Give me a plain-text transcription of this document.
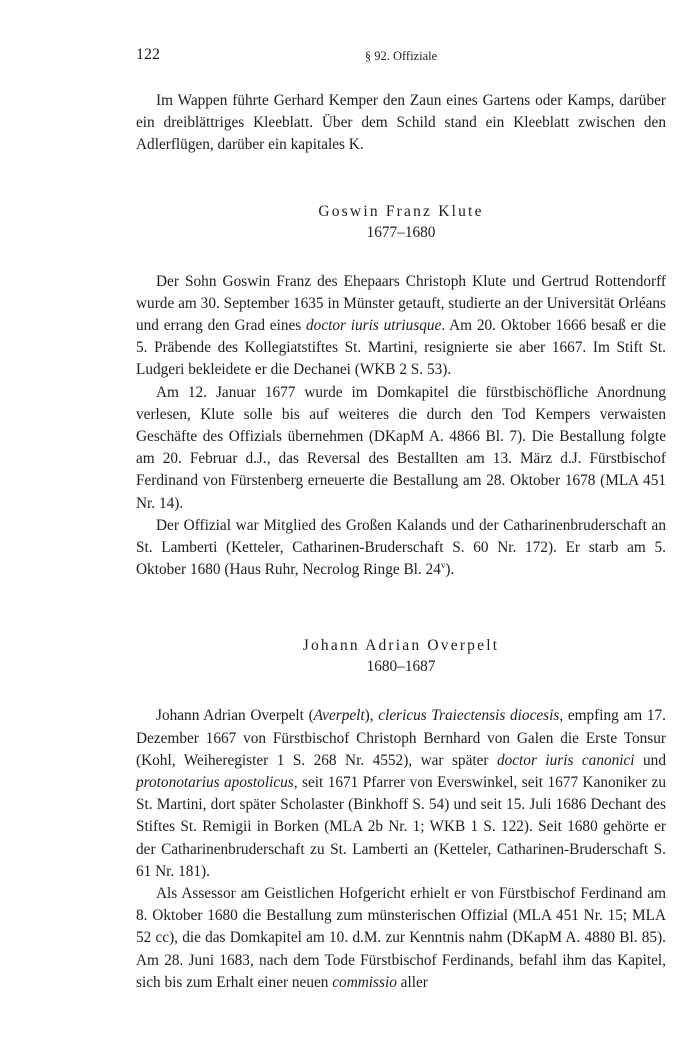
122	§ 92. Offiziale

Im Wappen führte Gerhard Kemper den Zaun eines Gartens oder Kamps, darüber ein dreiblättriges Kleeblatt. Über dem Schild stand ein Kleeblatt zwischen den Adlerflügen, darüber ein kapitales K.

Goswin Franz Klute
1677–1680

Der Sohn Goswin Franz des Ehepaars Christoph Klute und Gertrud Rottendorff wurde am 30. September 1635 in Münster getauft, studierte an der Universität Orléans und errang den Grad eines doctor iuris utriusque. Am 20. Oktober 1666 besaß er die 5. Präbende des Kollegiatstiftes St. Martini, resignierte sie aber 1667. Im Stift St. Ludgeri bekleidete er die Dechanei (WKB 2 S. 53).

Am 12. Januar 1677 wurde im Domkapitel die fürstbischöfliche Anordnung verlesen, Klute solle bis auf weiteres die durch den Tod Kempers verwaisten Geschäfte des Offizials übernehmen (DKapM A. 4866 Bl. 7). Die Bestallung folgte am 20. Februar d.J., das Reversal des Bestallten am 13. März d.J. Fürstbischof Ferdinand von Fürstenberg erneuerte die Bestallung am 28. Oktober 1678 (MLA 451 Nr. 14).

Der Offizial war Mitglied des Großen Kalands und der Catharinenbruderschaft an St. Lamberti (Ketteler, Catharinen-Bruderschaft S. 60 Nr. 172). Er starb am 5. Oktober 1680 (Haus Ruhr, Necrolog Ringe Bl. 24$^v$).

Johann Adrian Overpelt
1680–1687

Johann Adrian Overpelt (Averpelt), clericus Traiectensis diocesis, empfing am 17. Dezember 1667 von Fürstbischof Christoph Bernhard von Galen die Erste Tonsur (Kohl, Weiheregister 1 S. 268 Nr. 4552), war später doctor iuris canonici und protonotarius apostolicus, seit 1671 Pfarrer von Everswinkel, seit 1677 Kanoniker zu St. Martini, dort später Scholaster (Binkhoff S. 54) und seit 15. Juli 1686 Dechant des Stiftes St. Remigii in Borken (MLA 2b Nr. 1; WKB 1 S. 122). Seit 1680 gehörte er der Catharinenbruderschaft zu St. Lamberti an (Ketteler, Catharinen-Bruderschaft S. 61 Nr. 181).

Als Assessor am Geistlichen Hofgericht erhielt er von Fürstbischof Ferdinand am 8. Oktober 1680 die Bestallung zum münsterischen Offizial (MLA 451 Nr. 15; MLA 52 cc), die das Domkapitel am 10. d.M. zur Kenntnis nahm (DKapM A. 4880 Bl. 85). Am 28. Juni 1683, nach dem Tode Fürstbischof Ferdinands, befahl ihm das Kapitel, sich bis zum Erhalt einer neuen commissio aller
